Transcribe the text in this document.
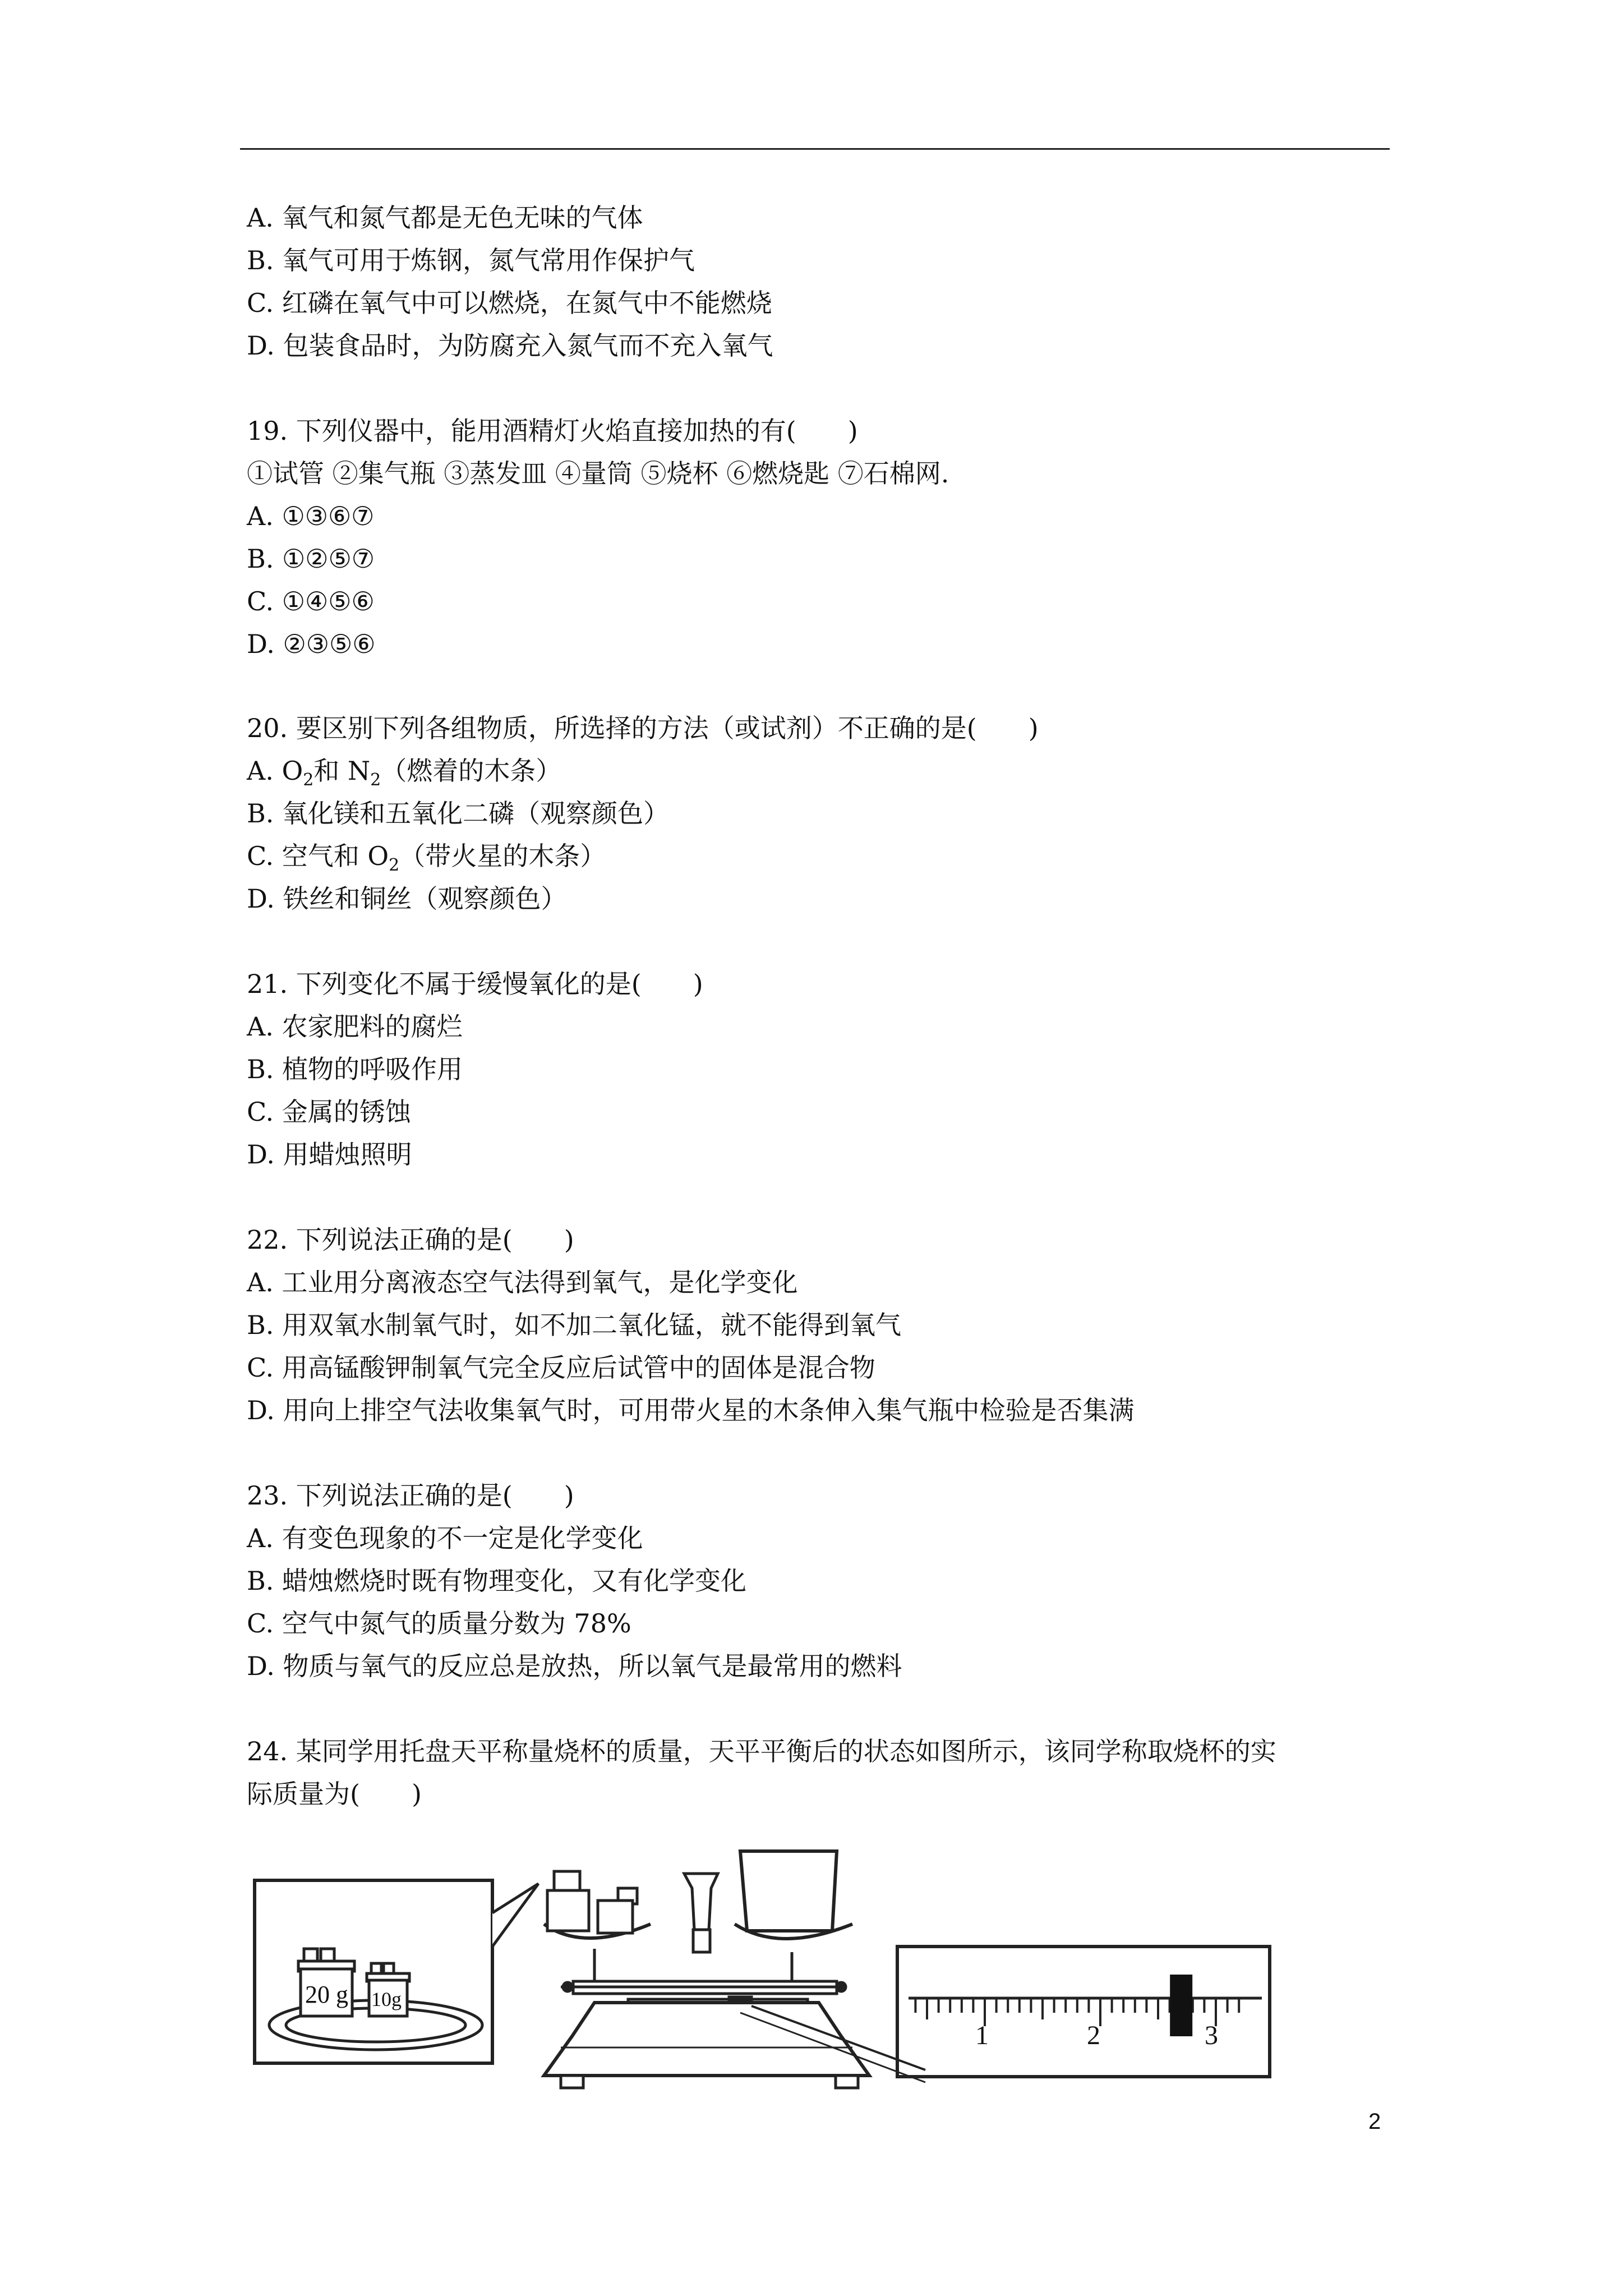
A. 氧气和氮气都是无色无味的气体
B. 氧气可用于炼钢，氮气常用作保护气
C. 红磷在氧气中可以燃烧，在氮气中不能燃烧
D. 包装食品时，为防腐充入氮气而不充入氧气
19. 下列仪器中，能用酒精灯火焰直接加热的有(　　)
①试管 ②集气瓶 ③蒸发皿 ④量筒 ⑤烧杯 ⑥燃烧匙 ⑦石棉网.
A. ①③⑥⑦
B. ①②⑤⑦
C. ①④⑤⑥
D. ②③⑤⑥
20. 要区别下列各组物质，所选择的方法（或试剂）不正确的是(　　)
A. $O_2$和 $N_2$（燃着的木条）
B. 氧化镁和五氧化二磷（观察颜色）
C. 空气和 $O_2$（带火星的木条）
D. 铁丝和铜丝（观察颜色）
21. 下列变化不属于缓慢氧化的是(　　)
A. 农家肥料的腐烂
B. 植物的呼吸作用
C. 金属的锈蚀
D. 用蜡烛照明
22. 下列说法正确的是(　　)
A. 工业用分离液态空气法得到氧气，是化学变化
B. 用双氧水制氧气时，如不加二氧化锰，就不能得到氧气
C. 用高锰酸钾制氧气完全反应后试管中的固体是混合物
D. 用向上排空气法收集氧气时，可用带火星的木条伸入集气瓶中检验是否集满
23. 下列说法正确的是(　　)
A. 有变色现象的不一定是化学变化
B. 蜡烛燃烧时既有物理变化，又有化学变化
C. 空气中氮气的质量分数为 78%
D. 物质与氧气的反应总是放热，所以氧气是最常用的燃料
24. 某同学用托盘天平称量烧杯的质量，天平平衡后的状态如图所示，该同学称取烧杯的实
际质量为(　　)
20 g 10g
1	2	3
2
